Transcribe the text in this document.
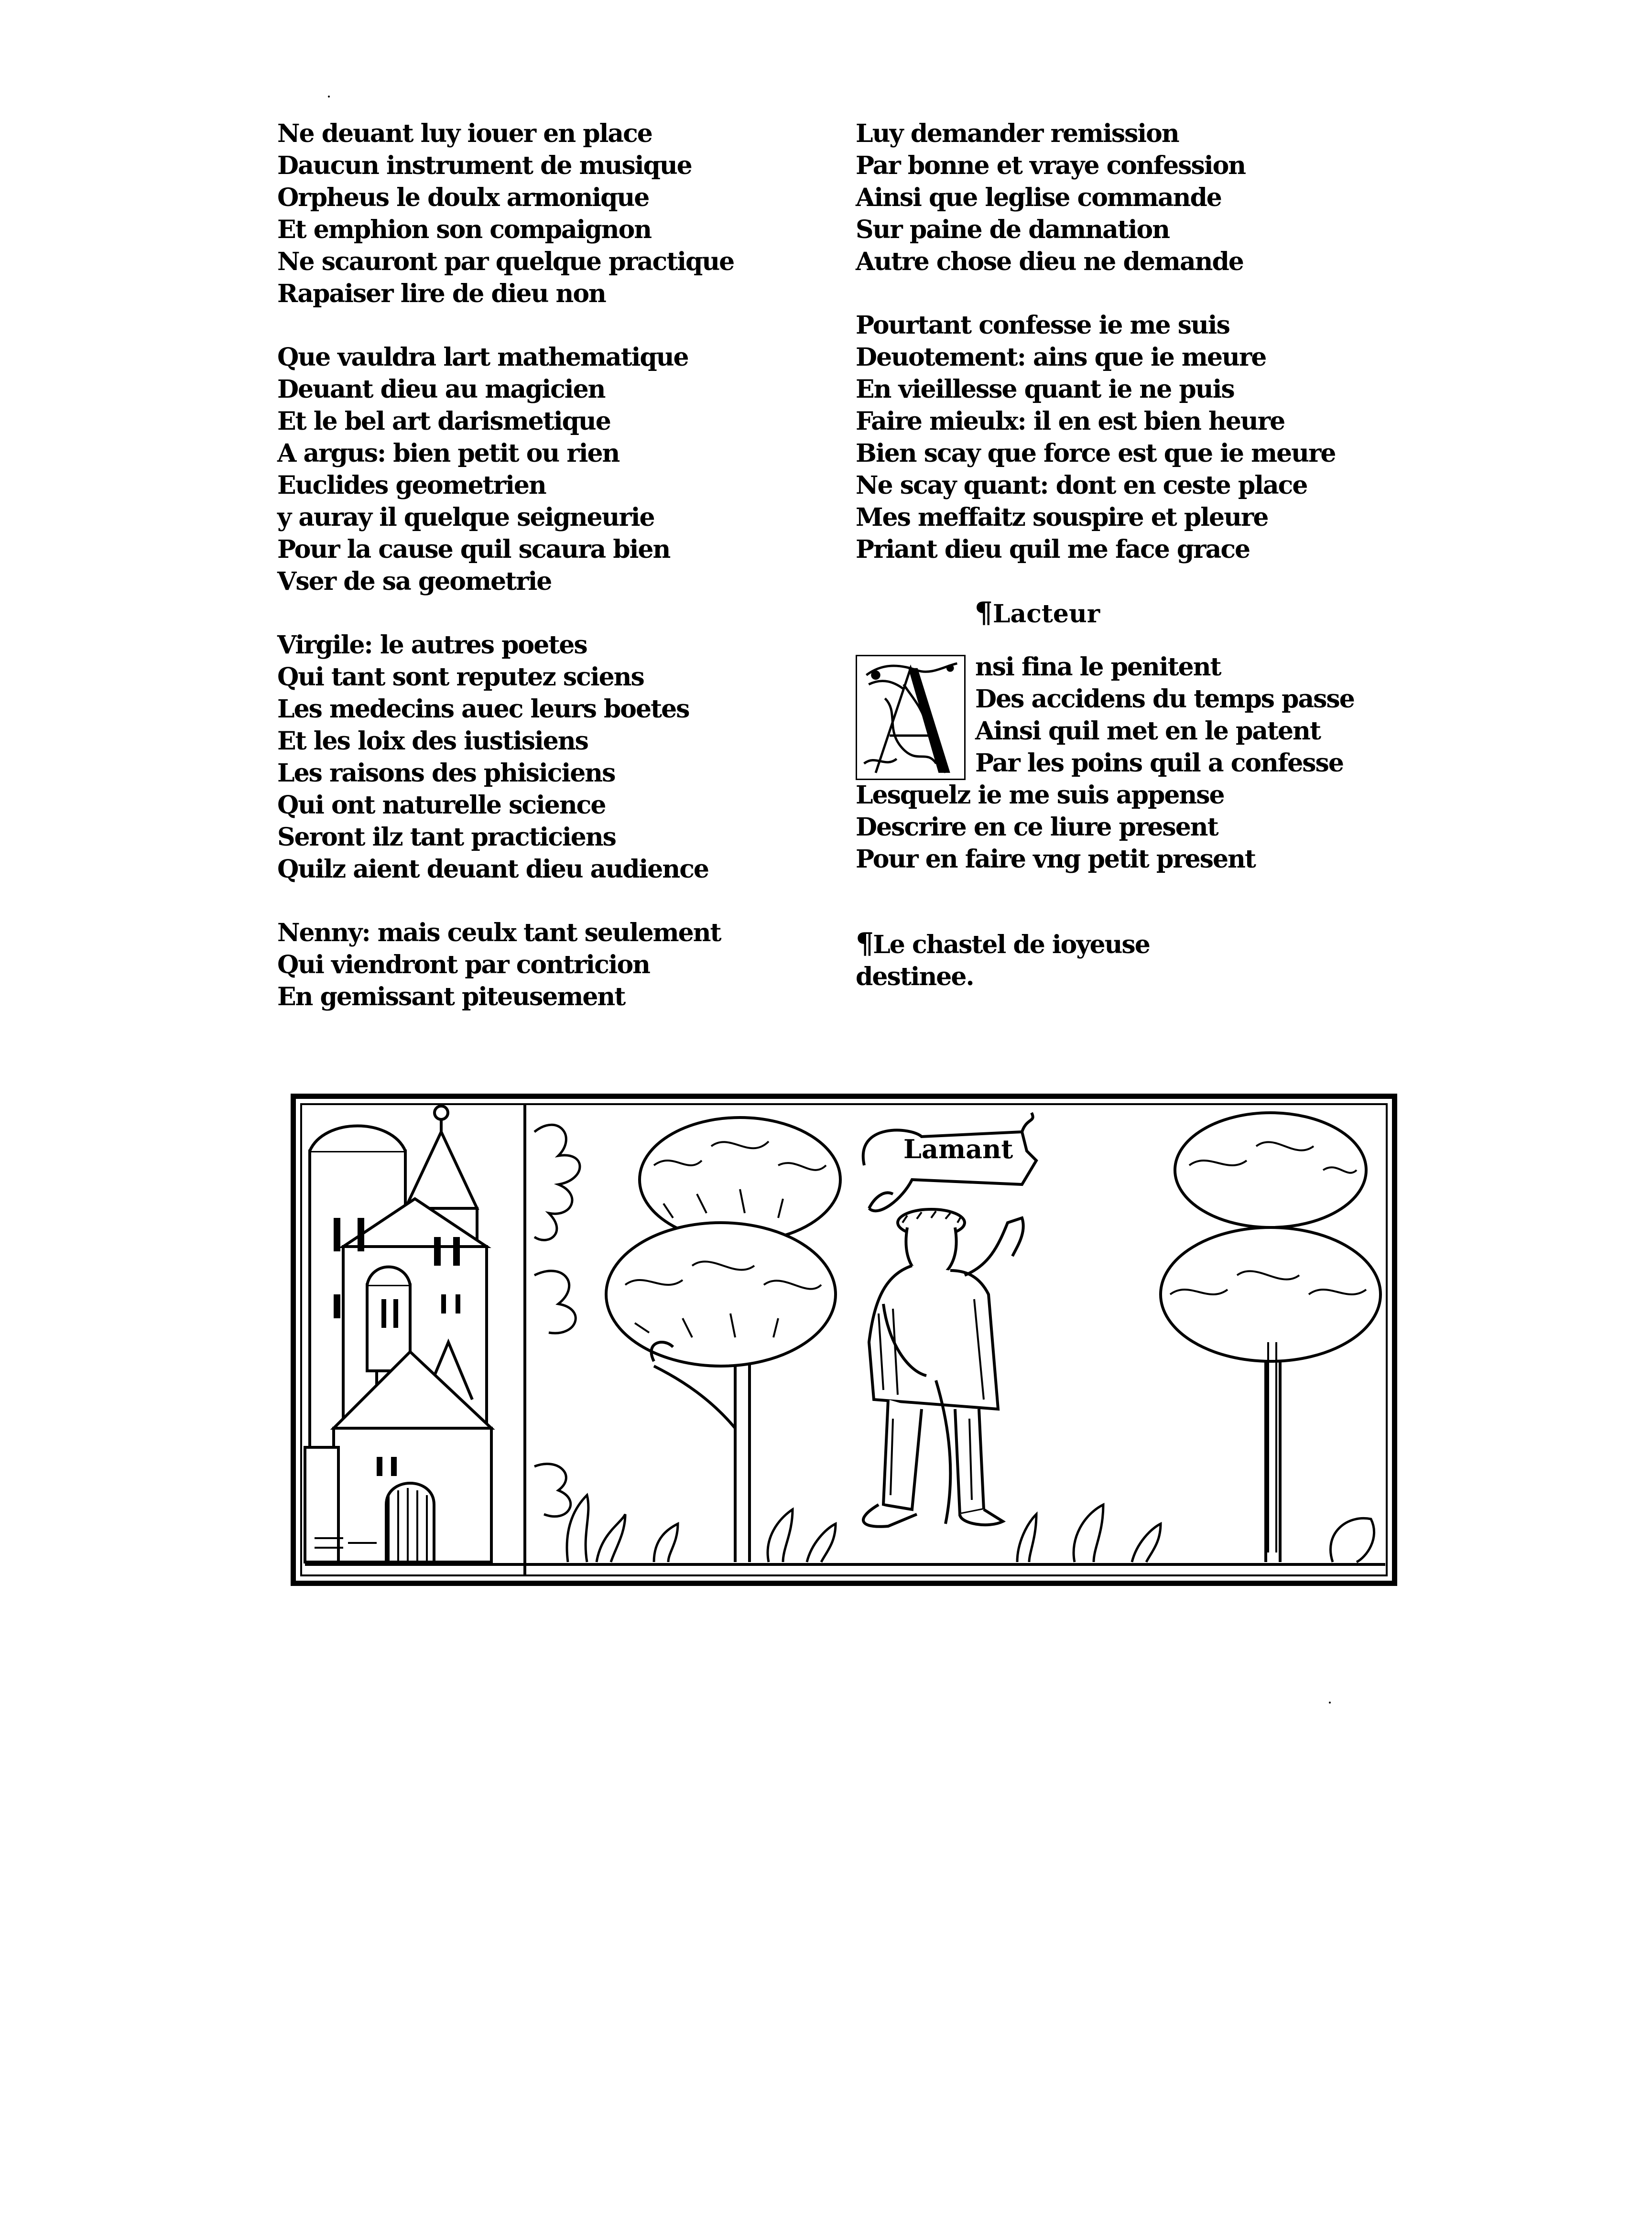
Ne deuant luy iouer en place
Daucun instrument de musique
Orpheus le doulx armonique
Et emphion son compaignon
Ne scauront par quelque practique
Rapaiser lire de dieu non
Que vauldra lart mathematique
Deuant dieu au magicien
Et le bel art darismetique
A argus: bien petit ou rien
Euclides geometrien
y auray il quelque seigneurie
Pour la cause quil scaura bien
Vser de sa geometrie
Virgile: le autres poetes
Qui tant sont reputez sciens
Les medecins auec leurs boetes
Et les loix des iustisiens
Les raisons des phisiciens
Qui ont naturelle science
Seront ilz tant practiciens
Quilz aient deuant dieu audience
Nenny: mais ceulx tant seulement
Qui viendront par contricion
En gemissant piteusement
Luy demander remission
Par bonne et vraye confession
Ainsi que leglise commande
Sur paine de damnation
Autre chose dieu ne demande
Pourtant confesse ie me suis
Deuotement: ains que ie meure
En vieillesse quant ie ne puis
Faire mieulx: il en est bien heure
Bien scay que force est que ie meure
Ne scay quant: dont en ceste place
Mes meffaitz souspire et pleure
Priant dieu quil me face grace
¶Lacteur
nsi fina le penitent
Des accidens du temps passe
Ainsi quil met en le patent
Par les poins quil a confesse
Lesquelz ie me suis appense
Descrire en ce liure present
Pour en faire vng petit present
¶Le chastel de ioyeuse
destinee.
Lamant
